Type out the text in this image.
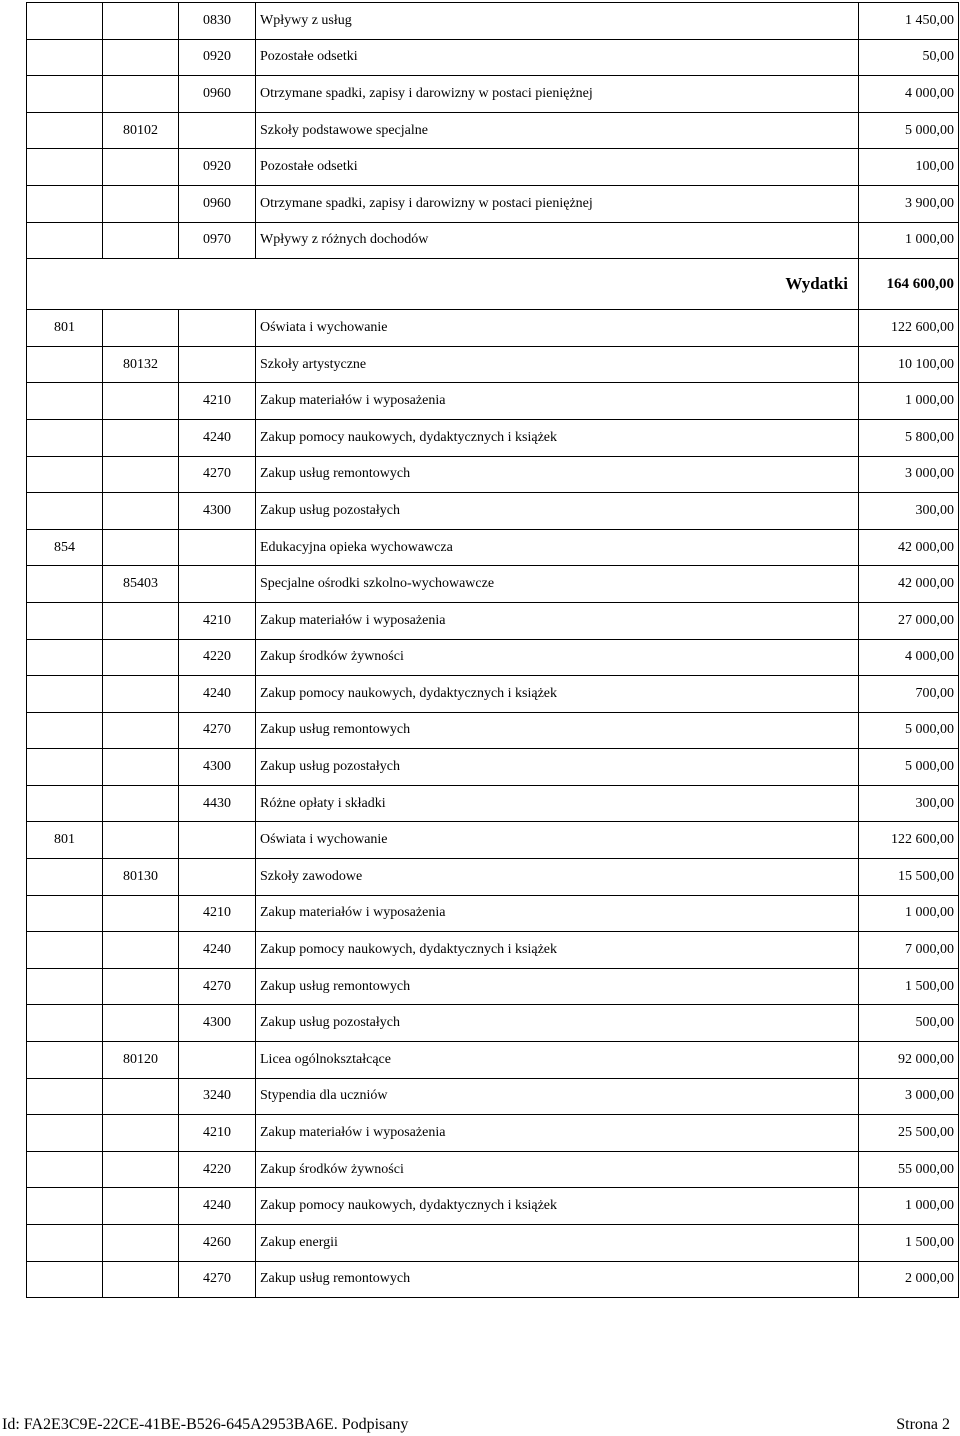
		0830	Wpływy z usług	1 450,00
		0920	Pozostałe odsetki	50,00
		0960	Otrzymane spadki, zapisy i darowizny w postaci pieniężnej	4 000,00
	80102		Szkoły podstawowe specjalne	5 000,00
		0920	Pozostałe odsetki	100,00
		0960	Otrzymane spadki, zapisy i darowizny w postaci pieniężnej	3 900,00
		0970	Wpływy z różnych dochodów	1 000,00
Wydatki				164 600,00
801			Oświata i wychowanie	122 600,00
	80132		Szkoły artystyczne	10 100,00
		4210	Zakup materiałów i wyposażenia	1 000,00
		4240	Zakup pomocy naukowych, dydaktycznych i książek	5 800,00
		4270	Zakup usług remontowych	3 000,00
		4300	Zakup usług pozostałych	300,00
854			Edukacyjna opieka wychowawcza	42 000,00
	85403		Specjalne ośrodki szkolno-wychowawcze	42 000,00
		4210	Zakup materiałów i wyposażenia	27 000,00
		4220	Zakup środków żywności	4 000,00
		4240	Zakup pomocy naukowych, dydaktycznych i książek	700,00
		4270	Zakup usług remontowych	5 000,00
		4300	Zakup usług pozostałych	5 000,00
		4430	Różne opłaty i składki	300,00
801			Oświata i wychowanie	122 600,00
	80130		Szkoły zawodowe	15 500,00
		4210	Zakup materiałów i wyposażenia	1 000,00
		4240	Zakup pomocy naukowych, dydaktycznych i książek	7 000,00
		4270	Zakup usług remontowych	1 500,00
		4300	Zakup usług pozostałych	500,00
	80120		Licea ogólnokształcące	92 000,00
		3240	Stypendia dla uczniów	3 000,00
		4210	Zakup materiałów i wyposażenia	25 500,00
		4220	Zakup środków żywności	55 000,00
		4240	Zakup pomocy naukowych, dydaktycznych i książek	1 000,00
		4260	Zakup energii	1 500,00
		4270	Zakup usług remontowych	2 000,00
Id: FA2E3C9E-22CE-41BE-B526-645A2953BA6E. Podpisany	Strona 2
